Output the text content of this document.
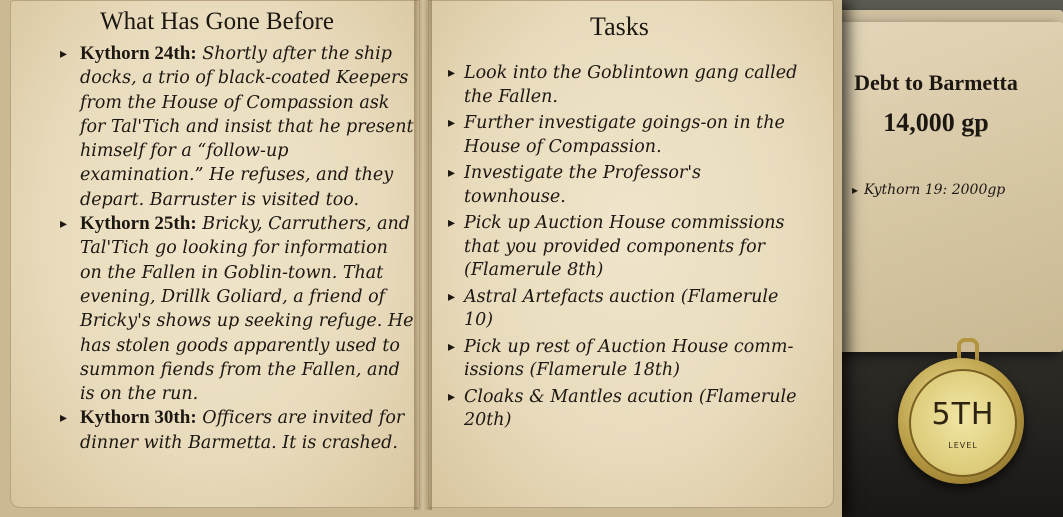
What Has Gone Before
▸ Kythorn 24th: Shortly after the ship docks, a trio of black-coated Keepers from the House of Compassion ask for Tal'Tich and insist that he present himself for a “follow-up examination.” He refuses, and they depart. Barruster is visited too.
▸ Kythorn 25th: Bricky, Carruthers, and Tal'Tich go looking for information on the Fallen in Goblin-town. That evening, Drillk Goliard, a friend of Bricky's shows up seeking refuge. He has stolen goods apparently used to summon fiends from the Fallen, and is on the run.
▸ Kythorn 30th: Officers are invited for dinner with Barmetta. It is crashed.
Tasks
▸ Look into the Goblintown gang called the Fallen.
▸ Further investigate goings-on in the House of Compassion.
▸ Investigate the Professor's townhouse.
▸ Pick up Auction House commissions that you provided components for (Flamerule 8th)
▸ Astral Artefacts auction (Flamerule 10)
▸ Pick up rest of Auction House comm-issions (Flamerule 18th)
▸ Cloaks & Mantles acution (Flamerule 20th)
Debt to Barmetta
14,000 gp
▸ Kythorn 19: 2000gp
5TH
LEVEL
